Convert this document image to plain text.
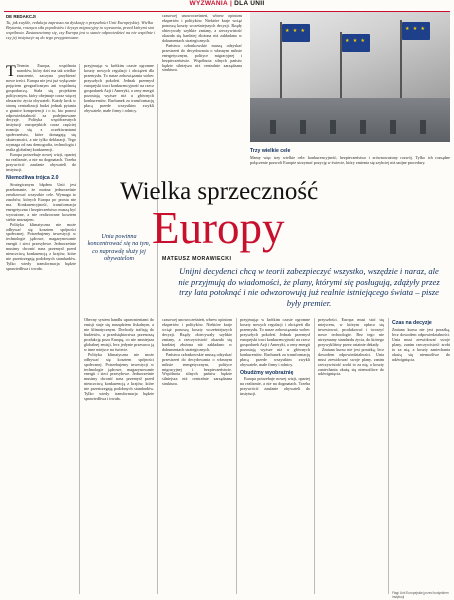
WYZWANIA | DLA UNII
DE REDAKCJI
Tu, jak zwykle, redakcja zaprasza na dyskusję o przyszłości Unii Europejskiej. Wielka Brytania, rosnąca siła populistów i kryzys migracyjny to wyzwania, przed którymi stoi wspólnota. Zastanawiamy się, czy Europa jest w stanie odpowiedzieć na nie wspólnie i czy jej instytucje są do tego przygotowane.
★ ★ ★
★ ★ ★
★ ★ ★

T Termin Europa, wspólnota narodów, który dziś ma tak wielkie znaczenie, zaczyna przybierać nowe treści. Europa nie jest już wyłącznie pojęciem geograficznym ani wspólnotą gospodarczą. Stała się projektem politycznym, który obejmuje coraz więcej obszarów życia obywateli. Każdy krok w stronę centralizacji budzi jednak pytania o granice kompetencji i o to, kto ponosi odpowiedzialność za podejmowane decyzje. Polityka współczesnych instytucji europejskich coraz częściej rozmija się z oczekiwaniami społeczeństw, które domagają się skuteczności, a nie tylko deklaracji. Tego wymaga od nas demografia, technologia i realia globalnej konkurencji.

Europa potrzebuje nowej wizji, opartej na realizmie, a nie na dogmatach. Trzeba przywrócić zaufanie obywateli do instytucji.

Niemożliwa trójca 2.0

Strategicznym błędem Unii jest przekonanie, że można jednocześnie zrealizować wszystkie cele. Wymaga to zasobów, których Europa po prostu nie ma. Konkurencyjność, transformacja energetyczna i bezpieczeństwo muszą być wyważone, a nie realizowane kosztem siebie nawzajem.

Polityka klimatyczna nie może odbywać się kosztem spójności społecznej. Potrzebujemy inwestycji w technologie jądrowe, magazynowanie energii i sieci przesyłowe. Jednocześnie musimy chronić nasz przemysł przed nieuczciwą konkurencją z krajów, które nie przestrzegają podobnych standardów. Tylko wtedy transformacja będzie sprawiedliwa i trwała.

Unia powinna koncentrować się na tym, co naprawdę służy jej obywatelom

przyjmując w krótkim czasie ogromne koszty nowych regulacji i obciążeń dla przemysłu. To nasze zobowiązania wobec przyszłych pokoleń. Jednak przemysł europejski traci konkurencyjność na rzecz gospodarek Azji i Ameryki, a ceny energii pozostają wyższe niż u głównych konkurentów. Rachunek za transformację płacą przede wszystkim zwykli obywatele, małe firmy i rolnicy.

Obecny system handlu uprawnieniami do emisji staje się narzędziem fiskalnym, a nie klimatycznym. Dochody trafiają do budżetów, a przedsiębiorstwa przenoszą produkcję poza Europę, co nie zmniejsza globalnej emisji, lecz jedynie przesuwa ją w inne miejsce na świecie.

Polityka klimatyczna nie może odbywać się kosztem spójności społecznej. Potrzebujemy inwestycji w technologie jądrowe, magazynowanie energii i sieci przesyłowe. Jednocześnie musimy chronić nasz przemysł przed nieuczciwą konkurencją z krajów, które nie przestrzegają podobnych standardów. Tylko wtedy transformacja będzie sprawiedliwa i trwała.

czasowej unowocześnień, wbrew opiniom ekspertów i polityków. Niektóre kraje wciąż ponoszą koszty wcześniejszych decyzji. Rządy obiecywały szybkie zmiany, a rzeczywistość okazała się bardziej złożona niż zakładano w dokumentach strategicznych.

Państwa członkowskie muszą odzyskać przestrzeń do decydowania o własnym miksie energetycznym, polityce migracyjnej i bezpieczeństwie. Wspólnota silnych państw będzie silniejsza niż centralnie zarządzana struktura.

czasowej unowocześnień, wbrew opiniom ekspertów i polityków. Niektóre kraje wciąż ponoszą koszty wcześniejszych decyzji. Rządy obiecywały szybkie zmiany, a rzeczywistość okazała się bardziej złożona niż zakładano w dokumentach strategicznych.

Państwa członkowskie muszą odzyskać przestrzeń do decydowania o własnym miksie energetycznym, polityce migracyjnej i bezpieczeństwie. Wspólnota silnych państw będzie silniejsza niż centralnie zarządzana struktura.

przyjmując w krótkim czasie ogromne koszty nowych regulacji i obciążeń dla przemysłu. To nasze zobowiązania wobec przyszłych pokoleń. Jednak przemysł europejski traci konkurencyjność na rzecz gospodarek Azji i Ameryki, a ceny energii pozostają wyższe niż u głównych konkurentów. Rachunek za transformację płacą przede wszystkim zwykli obywatele, małe firmy i rolnicy.

Obudźmy wyobraźnię

Europa potrzebuje nowej wizji, opartej na realizmie, a nie na dogmatach. Trzeba przywrócić zaufanie obywateli do instytucji.

Trzy wielkie cele

Mamy więc trzy wielkie cele: konkurencyjność, bezpieczeństwo i zrównoważony rozwój. Tylko ich rozsądne połączenie pozwoli Europie utrzymać pozycję w świecie, który zmienia się szybciej niż unijne procedury.

przyszłości. Europa musi stać się miejscem, w którym opłaca się inwestować, produkować i tworzyć nowe technologie. Bez tego nie utrzymamy standardu życia, do którego przywykliśmy przez ostatnie dekady.

Zmiana kursu nie jest porażką, lecz dowodem odpowiedzialności. Unia musi zrewidować swoje plany, zanim rzeczywistość zrobi to za nią, a koszty zaniechania okażą się niemożliwe do udźwignięcia.

Czas na decyzje

Zmiana kursu nie jest porażką, lecz dowodem odpowiedzialności. Unia musi zrewidować swoje plany, zanim rzeczywistość zrobi to za nią, a koszty zaniechania okażą się niemożliwe do udźwignięcia.

Wielka sprzeczność
Europy
MATEUSZ MORAWIECKI
Unijni decydenci chcą w teorii zabezpieczyć wszystko, wszędzie i naraz, ale nie przyjmują do wiadomości, że plany, którymi się posługują, zdążyły przez trzy lata potoknąć i nie odwzorowują już realnie istniejącego świata – pisze były premier.
Flagi Unii Europejskiej przed budynkiem instytucji
